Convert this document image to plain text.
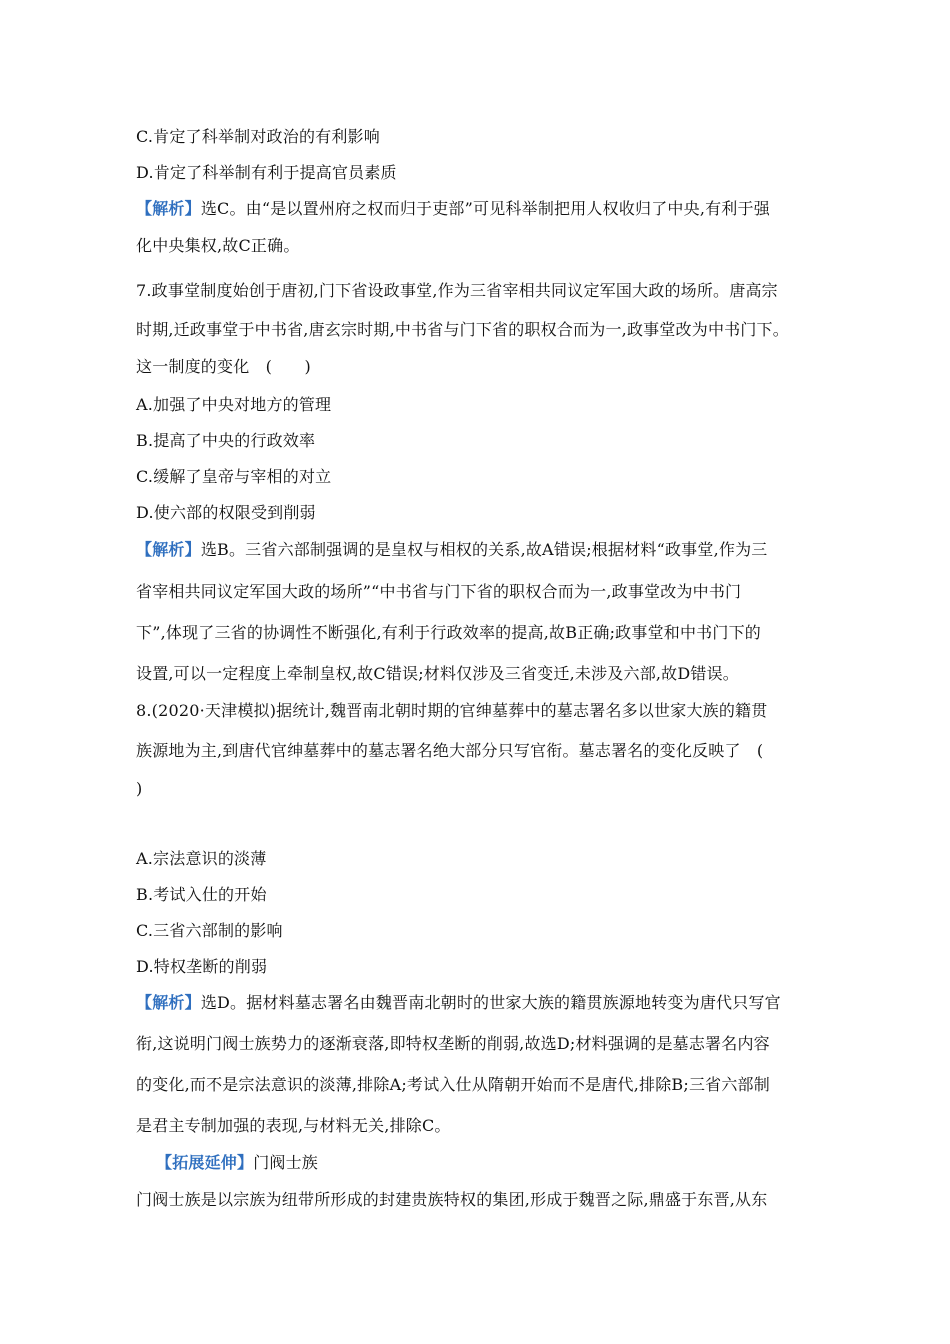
C.肯定了科举制对政治的有利影响
D.肯定了科举制有利于提高官员素质
【解析】选C。由“是以置州府之权而归于吏部”可见科举制把用人权收归了中央,有利于强
化中央集权,故C正确。
7.政事堂制度始创于唐初,门下省设政事堂,作为三省宰相共同议定军国大政的场所。唐高宗
时期,迁政事堂于中书省,唐玄宗时期,中书省与门下省的职权合而为一,政事堂改为中书门下。
这一制度的变化　(　　)
A.加强了中央对地方的管理
B.提高了中央的行政效率
C.缓解了皇帝与宰相的对立
D.使六部的权限受到削弱
【解析】选B。三省六部制强调的是皇权与相权的关系,故A错误;根据材料“政事堂,作为三
省宰相共同议定军国大政的场所”“中书省与门下省的职权合而为一,政事堂改为中书门
下”,体现了三省的协调性不断强化,有利于行政效率的提高,故B正确;政事堂和中书门下的
设置,可以一定程度上牵制皇权,故C错误;材料仅涉及三省变迁,未涉及六部,故D错误。
8.(2020·天津模拟)据统计,魏晋南北朝时期的官绅墓葬中的墓志署名多以世家大族的籍贯
族源地为主,到唐代官绅墓葬中的墓志署名绝大部分只写官衔。墓志署名的变化反映了　(
)
A.宗法意识的淡薄
B.考试入仕的开始
C.三省六部制的影响
D.特权垄断的削弱
【解析】选D。据材料墓志署名由魏晋南北朝时的世家大族的籍贯族源地转变为唐代只写官
衔,这说明门阀士族势力的逐渐衰落,即特权垄断的削弱,故选D;材料强调的是墓志署名内容
的变化,而不是宗法意识的淡薄,排除A;考试入仕从隋朝开始而不是唐代,排除B;三省六部制
是君主专制加强的表现,与材料无关,排除C。
【拓展延伸】门阀士族
门阀士族是以宗族为纽带所形成的封建贵族特权的集团,形成于魏晋之际,鼎盛于东晋,从东
